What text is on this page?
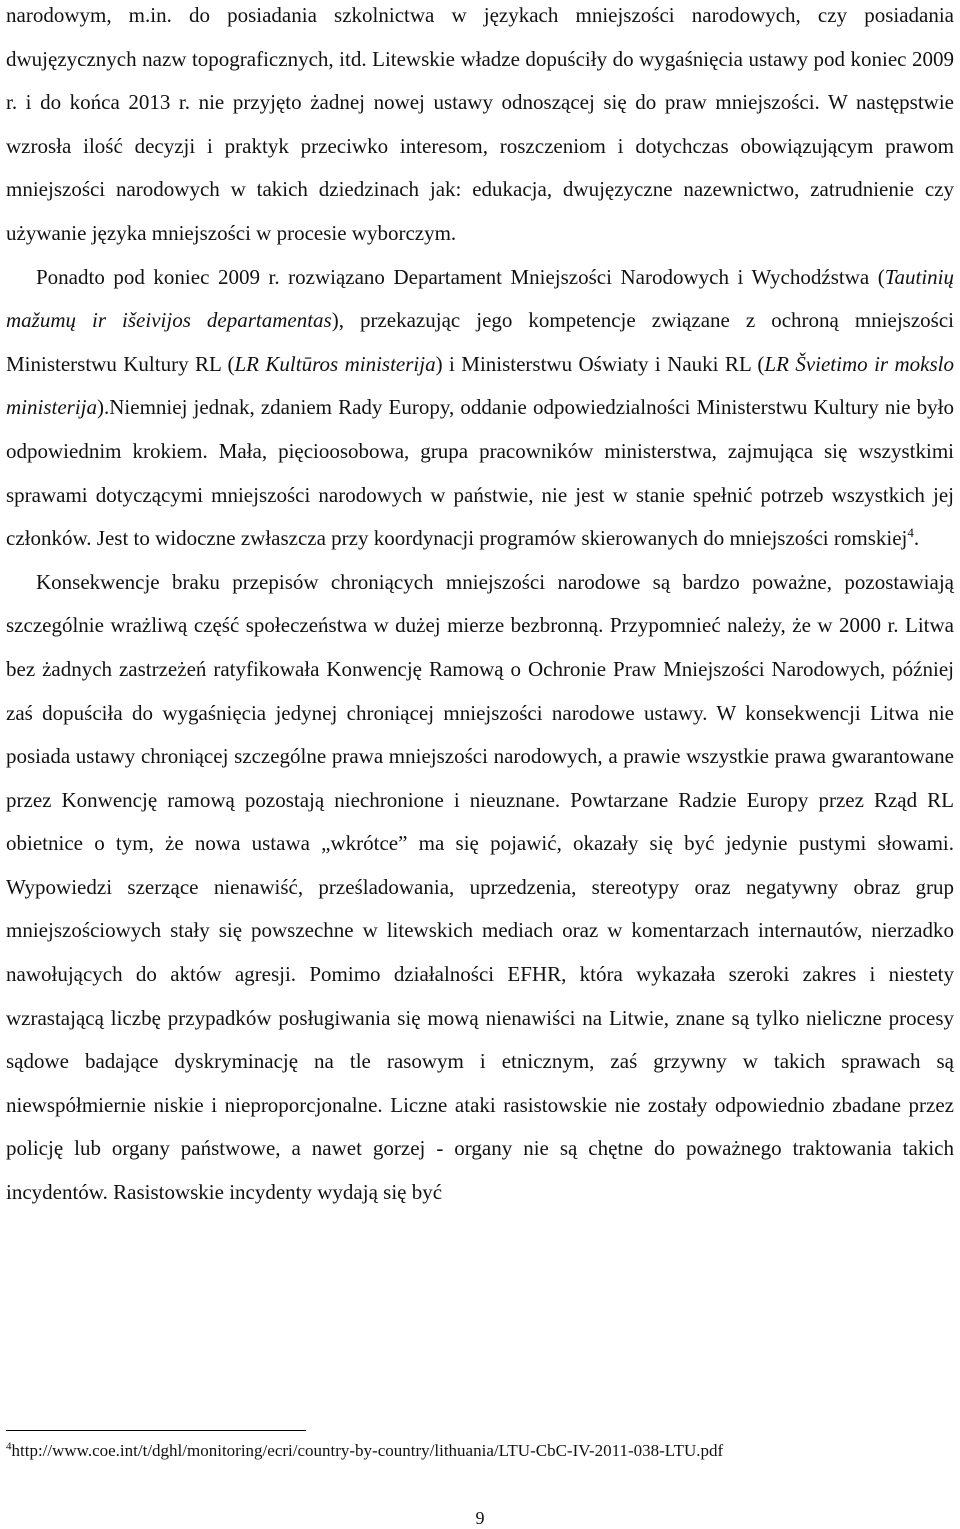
narodowym, m.in. do posiadania szkolnictwa w językach mniejszości narodowych, czy posiadania dwujęzycznych nazw topograficznych, itd. Litewskie władze dopuściły do wygaśnięcia ustawy pod koniec 2009 r. i do końca 2013 r. nie przyjęto żadnej nowej ustawy odnoszącej się do praw mniejszości. W następstwie wzrosła ilość decyzji i praktyk przeciwko interesom, roszczeniom i dotychczas obowiązującym prawom mniejszości narodowych w takich dziedzinach jak: edukacja, dwujęzyczne nazewnictwo, zatrudnienie czy używanie języka mniejszości w procesie wyborczym.

Ponadto pod koniec 2009 r. rozwiązano Departament Mniejszości Narodowych i Wychodźstwa (Tautinių mažumų ir išeivijos departamentas), przekazując jego kompetencje związane z ochroną mniejszości Ministerstwu Kultury RL (LR Kultūros ministerija) i Ministerstwu Oświaty i Nauki RL (LR Švietimo ir mokslo ministerija).Niemniej jednak, zdaniem Rady Europy, oddanie odpowiedzialności Ministerstwu Kultury nie było odpowiednim krokiem. Mała, pięcioosobowa, grupa pracowników ministerstwa, zajmująca się wszystkimi sprawami dotyczącymi mniejszości narodowych w państwie, nie jest w stanie spełnić potrzeb wszystkich jej członków. Jest to widoczne zwłaszcza przy koordynacji programów skierowanych do mniejszości romskiej$^4$.

Konsekwencje braku przepisów chroniących mniejszości narodowe są bardzo poważne, pozostawiają szczególnie wrażliwą część społeczeństwa w dużej mierze bezbronną. Przypomnieć należy, że w 2000 r. Litwa bez żadnych zastrzeżeń ratyfikowała Konwencję Ramową o Ochronie Praw Mniejszości Narodowych, później zaś dopuściła do wygaśnięcia jedynej chroniącej mniejszości narodowe ustawy. W konsekwencji Litwa nie posiada ustawy chroniącej szczególne prawa mniejszości narodowych, a prawie wszystkie prawa gwarantowane przez Konwencję ramową pozostają niechronione i nieuznane. Powtarzane Radzie Europy przez Rząd RL obietnice o tym, że nowa ustawa „wkrótce” ma się pojawić, okazały się być jedynie pustymi słowami. Wypowiedzi szerzące nienawiść, prześladowania, uprzedzenia, stereotypy oraz negatywny obraz grup mniejszościowych stały się powszechne w litewskich mediach oraz w komentarzach internautów, nierzadko nawołujących do aktów agresji. Pomimo działalności EFHR, która wykazała szeroki zakres i niestety wzrastającą liczbę przypadków posługiwania się mową nienawiści na Litwie, znane są tylko nieliczne procesy sądowe badające dyskryminację na tle rasowym i etnicznym, zaś grzywny w takich sprawach są niewspółmiernie niskie i nieproporcjonalne. Liczne ataki rasistowskie nie zostały odpowiednio zbadane przez policję lub organy państwowe, a nawet gorzej - organy nie są chętne do poważnego traktowania takich incydentów. Rasistowskie incydenty wydają się być

$^4$http://www.coe.int/t/dghl/monitoring/ecri/country-by-country/lithuania/LTU-CbC-IV-2011-038-LTU.pdf
9
